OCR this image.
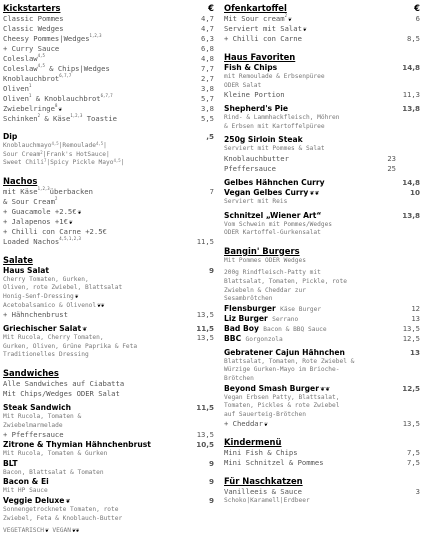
Kickstarters	€
Classic Pommes	4,7
Classic Wedges	4,7
Cheesy Pommes|Wedges$^{1,2,3}$	6,3
+ Curry Sauce	6,8
Coleslaw$^{4,5}$	4,8
Coleslaw$^{4,5}$ & Chips|Wedges	7,7
Knoblauchbrot$^{6,7,7}$	2,7
Oliven$^1$	3,8
Oliven$^1$ & Knoblauchbrot$^{6,7,7}$	5,7
Zwiebelringe$^8$❦	3,8
Schinken$^2$ & Käse$^{1,2,3}$ Toastie	5,5
Dip	,5
Knoblauchmayo$^{4,5}$|Remoulade$^{4,5}$|
Sour Cream$^2$|Frank's HotSauce|
Sweet Chili$^7$|Spicy Pickle Mayo$^{4,5}$|
Nachos
mit Käse$^{1,2,3}$überbacken	7
& Sour Cream$^2$
+ Guacamole +2.5€❦
+ Jalapenos +1€❦
+ Chilli con Carne +2.5€
Loaded Nachos$^{4,5,1,2,3}$	11,5
Salate
Haus Salat	9
Cherry Tomaten, Gurken,
Oliven, rote Zwiebel, Blattsalat
Honig-Senf-Dressing❦
Acetobalsamico & Olivenol❦❦
+ Hähnchenbrust	13,5
Griechischer Salat❦	11,5
Mit Rucola, Cherry Tomaten,	13,5
Gurken, Oliven, Grüne Paprika & Feta
Traditionelles Dressing
Sandwiches
Alle Sandwiches auf Ciabatta
Mit Chips/Wedges ODER Salat
Steak Sandwich	11,5
Mit Rucola, Tomaten &
Zwiebelmarmelade
+ Pfeffersauce	13,5
Zitrone & Thymian Hähnchenbrust	10,5
Mit Rucola, Tomaten & Gurken
BLT	9
Bacon, Blattsalat & Tomaten
Bacon & Ei	9
Mit HP Sauce
Veggie Deluxe❦	9
Sonnengetrocknete Tomaten, rote
Zwiebel, Feta & Knoblauch-Butter
VEGETARISCH❦ VEGAN❦❦
Ofenkartoffel	€
Mit Sour cream$^2$❦	6
Serviert mit Salat❦
+ Chilli con Carne	8,5
Haus Favoriten
Fish & Chips	14,8
mit Remoulade & Erbsenpüree
ODER Salat
Kleine Portion	11,3
Shepherd's Pie	13,8
Rind- & Lammhackfleisch, Möhren
& Erbsen mit Kartoffelpüree
250g Sirloin Steak
Serviert mit Pommes & Salat
Knoblauchbutter	23
Pfeffersauce	25
Gelbes Hähnchen Curry	14,8
Vegan Gelbes Curry❦❦	10
Serviert mit Reis
Schnitzel „Wiener Art“	13,8
Vom Schwein mit Pommes/Wedges
ODER Kartoffel-Gurkensalat
Bangin' Burgers
Mit Pommes ODER Wedges
200g Rindfleisch-Patty mit
Blattsalat, Tomaten, Pickle, rote
Zwiebeln & Cheddar zur
Sesambrötchen
Flensburger Käse Burger	12
Liz Burger Serrano	13
Bad Boy Bacon & BBQ Sauce	13,5
BBC Gorgonzola	12,5
Gebratener Cajun Hähnchen	13
Blattsalat, Tomaten, Rote Zwiebel &
Würzige Gurken-Mayo im Brioche-
Brötchen
Beyond Smash Burger❦❦	12,5
Vegan Erbsen Patty, Blattsalat,
Tomaten, Pickles & rote Zwiebel
auf Sauerteig-Brötchen
+ Cheddar❦	13,5
Kindermenü
Mini Fish & Chips	7,5
Mini Schnitzel & Pommes	7,5
Für Naschkatzen
Vanilleeis & Sauce	3
Schoko|Karamell|Erdbeer
